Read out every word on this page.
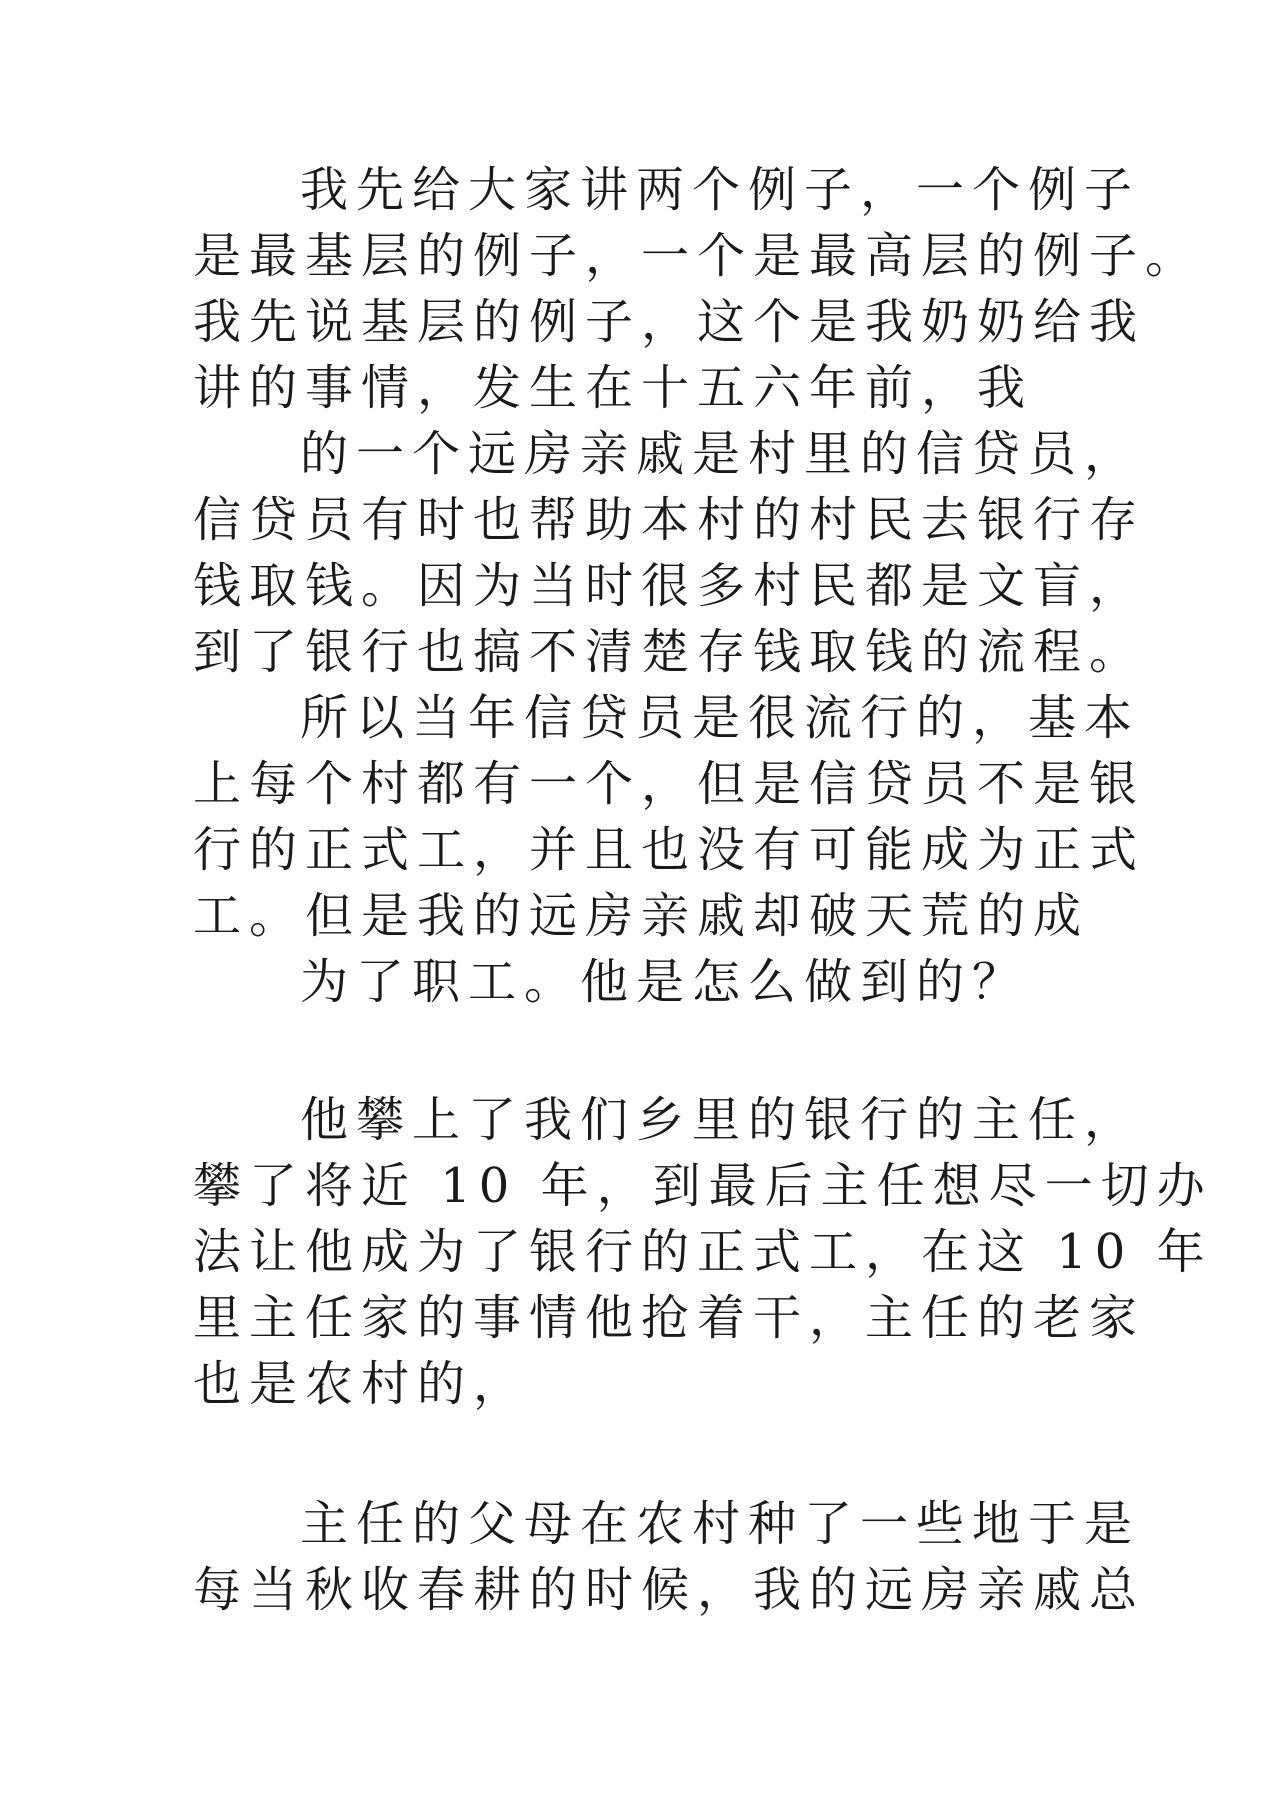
我先给大家讲两个例子，一个例子
是最基层的例子，一个是最高层的例子。
我先说基层的例子，这个是我奶奶给我
讲的事情，发生在十五六年前，我
的一个远房亲戚是村里的信贷员，
信贷员有时也帮助本村的村民去银行存
钱取钱。因为当时很多村民都是文盲，
到了银行也搞不清楚存钱取钱的流程。
所以当年信贷员是很流行的，基本
上每个村都有一个，但是信贷员不是银
行的正式工，并且也没有可能成为正式
工。但是我的远房亲戚却破天荒的成
为了职工。他是怎么做到的？
他攀上了我们乡里的银行的主任，
攀了将近 10 年，到最后主任想尽一切办
法让他成为了银行的正式工，在这 10 年
里主任家的事情他抢着干，主任的老家
也是农村的，
主任的父母在农村种了一些地于是
每当秋收春耕的时候，我的远房亲戚总
